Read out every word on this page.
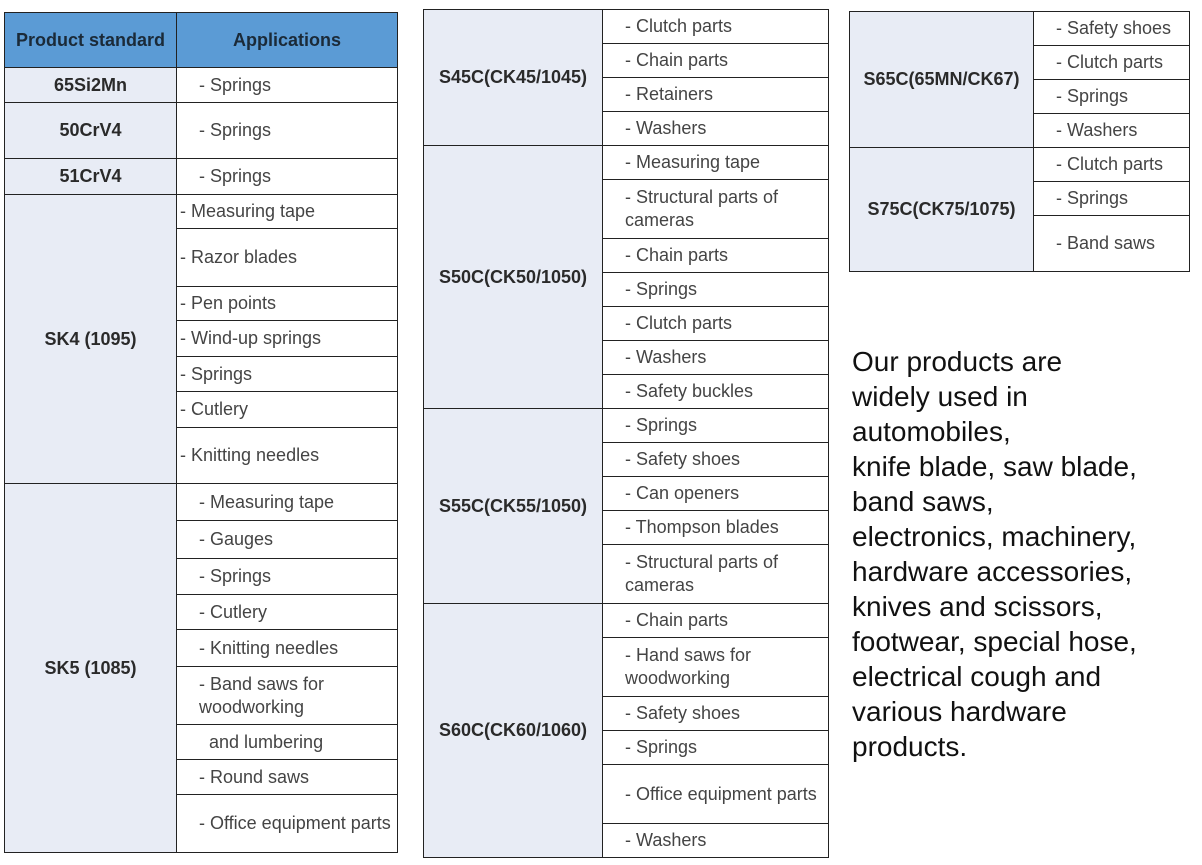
Product standard	Applications
65Si2Mn	- Springs
50CrV4	- Springs
51CrV4	- Springs
SK4 (1095)	- Measuring tape
	- Razor blades
	- Pen points
	- Wind-up springs
	- Springs
	- Cutlery
	- Knitting needles
SK5 (1085)	- Measuring tape
	- Gauges
	- Springs
	- Cutlery
	- Knitting needles
	- Band saws for woodworking
	and lumbering
	- Round saws
	- Office equipment parts
S45C(CK45/1045)	- Clutch parts
	- Chain parts
	- Retainers
	- Washers
S50C(CK50/1050)	- Measuring tape
	- Structural parts of cameras
	- Chain parts
	- Springs
	- Clutch parts
	- Washers
	- Safety buckles
S55C(CK55/1050)	- Springs
	- Safety shoes
	- Can openers
	- Thompson blades
	- Structural parts of cameras
S60C(CK60/1060)	- Chain parts
	- Hand saws for woodworking
	- Safety shoes
	- Springs
	- Office equipment parts
	- Washers
S65C(65MN/CK67)	- Safety shoes
	- Clutch parts
	- Springs
	- Washers
S75C(CK75/1075)	- Clutch parts
	- Springs
	- Band saws

Our products are
widely used in
automobiles,
knife blade, saw blade,
band saws,
electronics, machinery,
hardware accessories,
knives and scissors,
footwear, special hose,
electrical cough and
various hardware
products.
